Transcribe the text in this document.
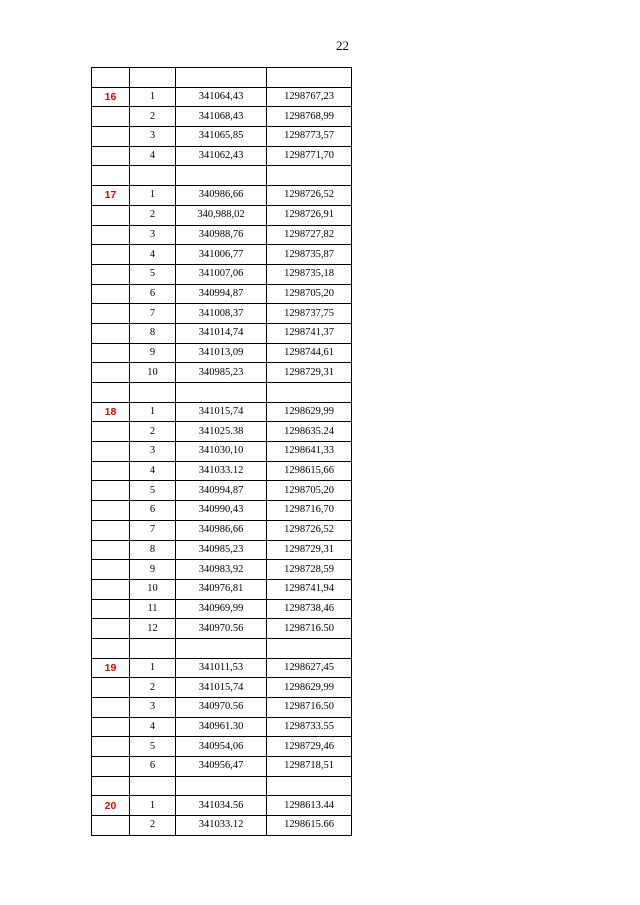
22

16	1	341064,43	1298767,23
	2	341068,43	1298768,99
	3	341065,85	1298773,57
	4	341062,43	1298771,70

17	1	340986,66	1298726,52
	2	340,988,02	1298726,91
	3	340988,76	1298727,82
	4	341006,77	1298735,87
	5	341007,06	1298735,18
	6	340994,87	1298705,20
	7	341008,37	1298737,75
	8	341014,74	1298741,37
	9	341013,09	1298744,61
	10	340985,23	1298729,31

18	1	341015,74	1298629,99
	2	341025.38	1298635.24
	3	341030,10	1298641,33
	4	341033.12	1298615,66
	5	340994,87	1298705,20
	6	340990,43	1298716,70
	7	340986,66	1298726,52
	8	340985,23	1298729,31
	9	340983,92	1298728,59
	10	340976,81	1298741,94
	11	340969,99	1298738,46
	12	340970.56	1298716.50

19	1	341011,53	1298627,45
	2	341015,74	1298629,99
	3	340970.56	1298716.50
	4	340961.30	1298733.55
	5	340954,06	1298729,46
	6	340956,47	1298718,51

20	1	341034.56	1298613.44
	2	341033.12	1298615.66
